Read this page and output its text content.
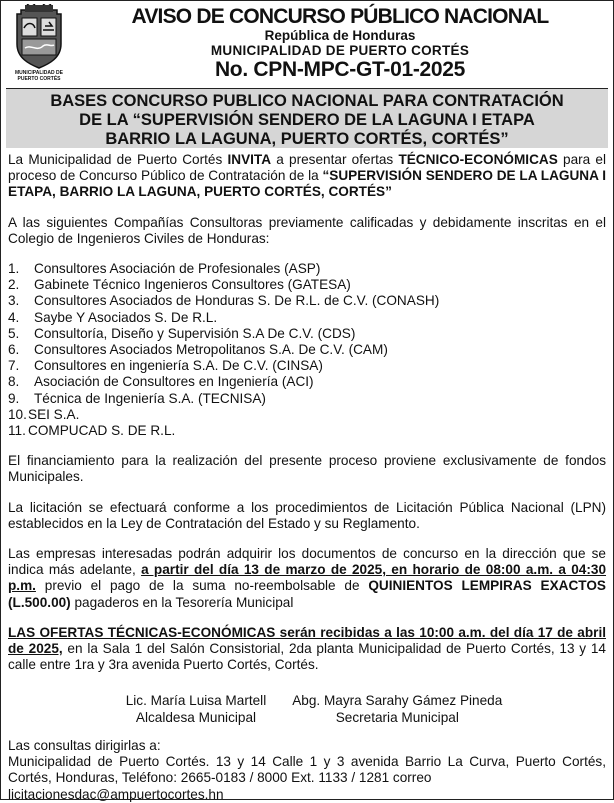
MUNICIPALIDAD DE PUERTO CORTÉS
AVISO DE CONCURSO PÚBLICO NACIONAL
República de Honduras
MUNICIPALIDAD DE PUERTO CORTÉS
No. CPN-MPC-GT-01-2025
BASES CONCURSO PUBLICO NACIONAL PARA CONTRATACIÓN
DE LA “SUPERVISIÓN SENDERO DE LA LAGUNA I ETAPA
BARRIO LA LAGUNA, PUERTO CORTÉS, CORTÉS”

La Municipalidad de Puerto Cortés INVITA a presentar ofertas TÉCNICO-ECONÓMICAS para el proceso de Concurso Público de Contratación de la “SUPERVISIÓN SENDERO DE LA LAGUNA I ETAPA, BARRIO LA LAGUNA, PUERTO CORTÉS, CORTÉS”

A las siguientes Compañías Consultoras previamente calificadas y debidamente inscritas en el Colegio de Ingenieros Civiles de Honduras:

1.	Consultores Asociación de Profesionales (ASP)
2.	Gabinete Técnico Ingenieros Consultores (GATESA)
3.	Consultores Asociados de Honduras S. De R.L. de C.V. (CONASH)
4.	Saybe Y Asociados S. De R.L.
5.	Consultoría, Diseño y Supervisión S.A De C.V. (CDS)
6.	Consultores Asociados Metropolitanos S.A. De C.V. (CAM)
7.	Consultores en ingeniería S.A. De C.V. (CINSA)
8.	Asociación de Consultores en Ingeniería (ACI)
9.	Técnica de Ingeniería S.A. (TECNISA)
10. SEI S.A.
11. COMPUCAD S. DE R.L.

El financiamiento para la realización del presente proceso proviene exclusivamente de fondos Municipales.

La licitación se efectuará conforme a los procedimientos de Licitación Pública Nacional (LPN) establecidos en la Ley de Contratación del Estado y su Reglamento.

Las empresas interesadas podrán adquirir los documentos de concurso en la dirección que se indica más adelante, a partir del día 13 de marzo de 2025, en horario de 08:00 a.m. a 04:30 p.m. previo el pago de la suma no-reembolsable de QUINIENTOS LEMPIRAS EXACTOS (L.500.00) pagaderos en la Tesorería Municipal

LAS OFERTAS TÉCNICAS-ECONÓMICAS serán recibidas a las 10:00 a.m. del día 17 de abril de 2025, en la Sala 1 del Salón Consistorial, 2da planta Municipalidad de Puerto Cortés, 13 y 14 calle entre 1ra y 3ra avenida Puerto Cortés, Cortés.

Lic. María Luisa Martell
Alcaldesa Municipal
Abg. Mayra Sarahy Gámez Pineda
Secretaria Municipal

Las consultas dirigirlas a:

Municipalidad de Puerto Cortés. 13 y 14 Calle 1 y 3 avenida Barrio La Curva, Puerto Cortés, Cortés, Honduras, Teléfono: 2665-0183 / 8000 Ext. 1133 / 1281 correo

licitacionesdac@ampuertocortes.hn
